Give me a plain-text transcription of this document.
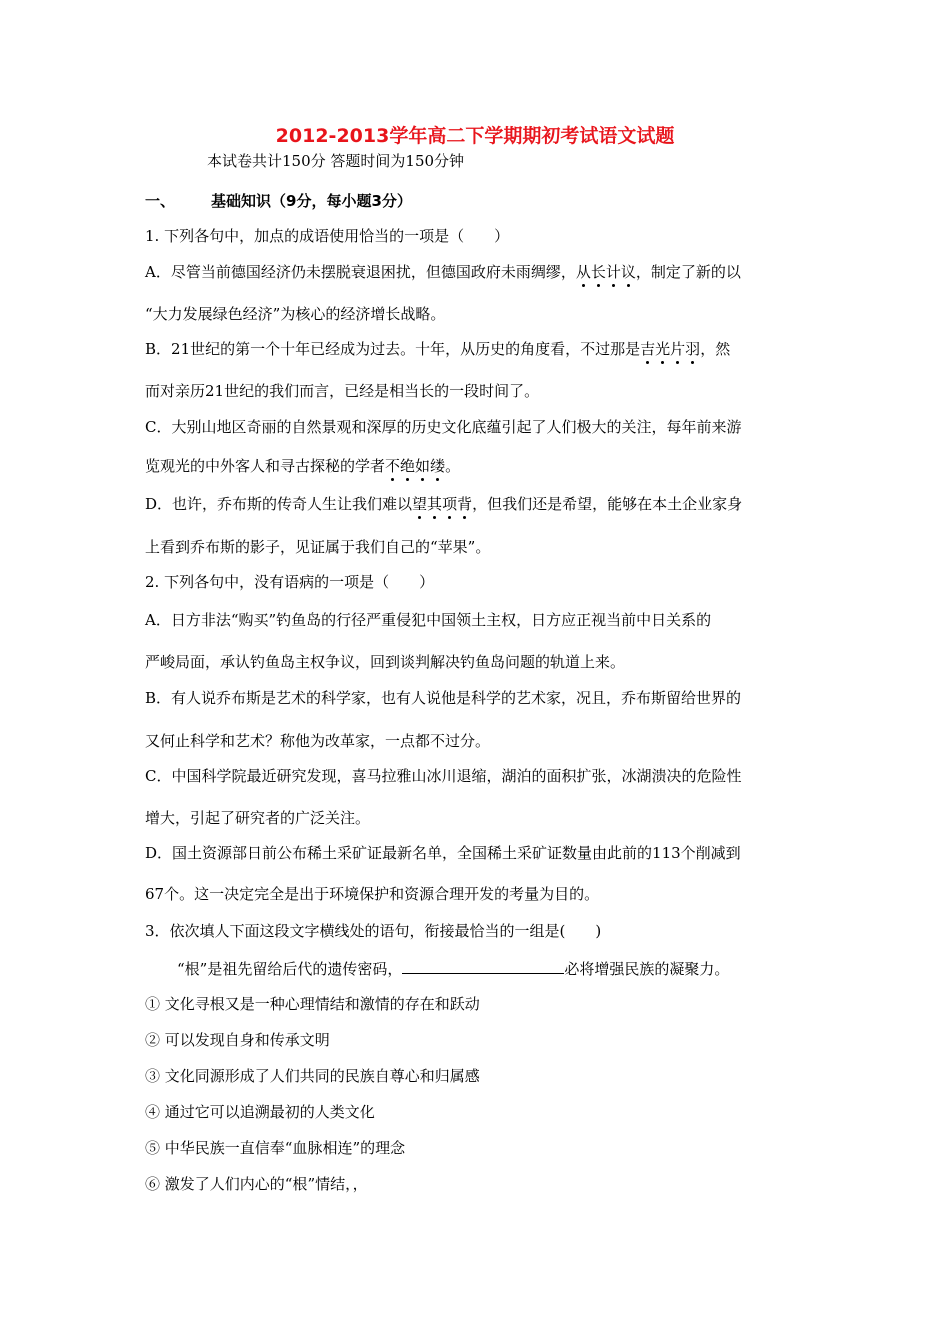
2012-2013学年高二下学期期初考试语文试题
本试卷共计150分 答题时间为150分钟
一、 基础知识（9分，每小题3分）
1. 下列各句中，加点的成语使用恰当的一项是（　　）
A．尽管当前德国经济仍未摆脱衰退困扰，但德国政府未雨绸缪，从长计议，制定了新的以
“大力发展绿色经济”为核心的经济增长战略。
B．21世纪的第一个十年已经成为过去。十年，从历史的角度看，不过那是吉光片羽，然
而对亲历21世纪的我们而言，已经是相当长的一段时间了。
C．大别山地区奇丽的自然景观和深厚的历史文化底蕴引起了人们极大的关注，每年前来游
览观光的中外客人和寻古探秘的学者不绝如缕。
D．也许，乔布斯的传奇人生让我们难以望其项背，但我们还是希望，能够在本土企业家身
上看到乔布斯的影子，见证属于我们自己的“苹果”。
2. 下列各句中，没有语病的一项是（　　）
A．日方非法“购买”钓鱼岛的行径严重侵犯中国领土主权，日方应正视当前中日关系的
严峻局面，承认钓鱼岛主权争议，回到谈判解决钓鱼岛问题的轨道上来。
B．有人说乔布斯是艺术的科学家，也有人说他是科学的艺术家，况且，乔布斯留给世界的
又何止科学和艺术？称他为改革家，一点都不过分。
C．中国科学院最近研究发现，喜马拉雅山冰川退缩，湖泊的面积扩张，冰湖溃决的危险性
增大，引起了研究者的广泛关注。
D．国土资源部日前公布稀土采矿证最新名单，全国稀土采矿证数量由此前的113个削减到
67个。这一决定完全是出于环境保护和资源合理开发的考量为目的。
3．依次填人下面这段文字横线处的语句，衔接最恰当的一组是(　　)
“根”是祖先留给后代的遗传密码，	必将增强民族的凝聚力。
① 文化寻根又是一种心理情结和激情的存在和跃动
② 可以发现自身和传承文明
③ 文化同源形成了人们共同的民族自尊心和归属感
④ 通过它可以追溯最初的人类文化
⑤ 中华民族一直信奉“血脉相连”的理念
⑥ 激发了人们内心的“根”情结，，
